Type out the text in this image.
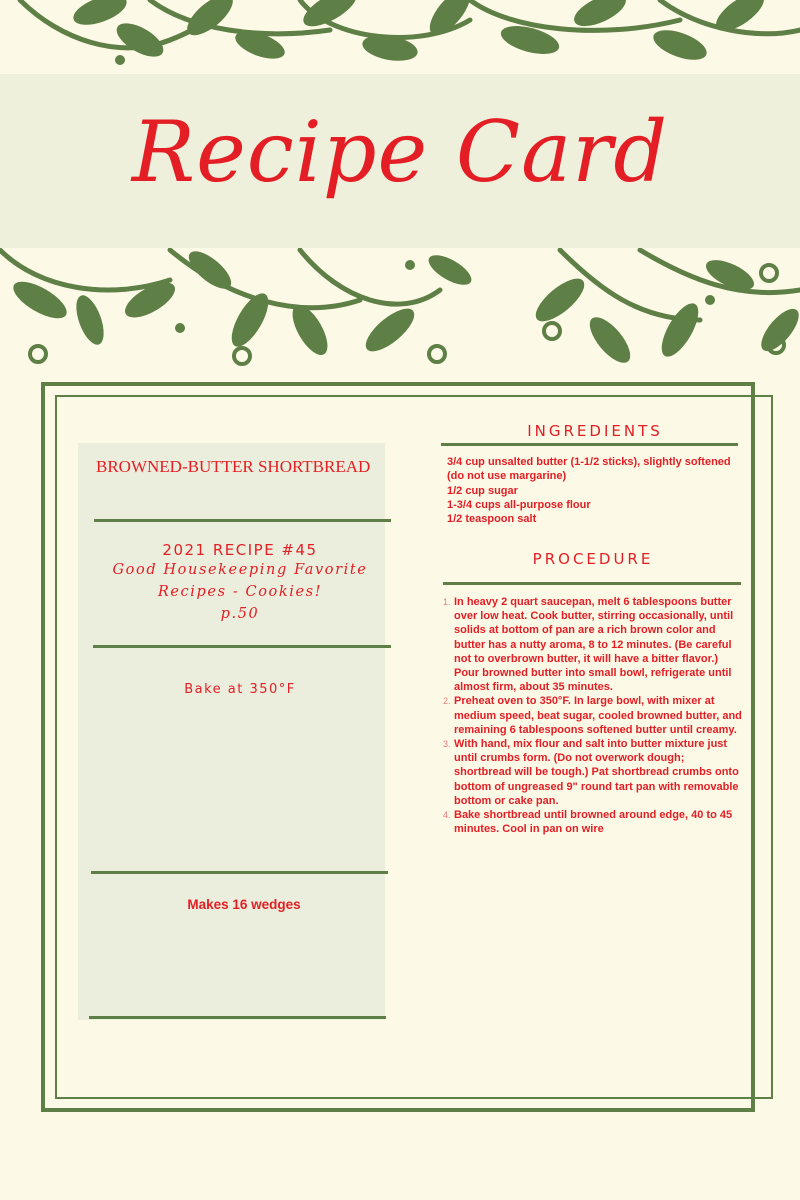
Recipe Card
BROWNED-BUTTER SHORTBREAD
2021 RECIPE #45
Good Housekeeping Favorite
Recipes - Cookies!
p.50
Bake at 350°F
Makes 16 wedges
INGREDIENTS
3/4 cup unsalted butter (1-1/2 sticks), slightly softened (do not use margarine)
1/2 cup sugar
1-3/4 cups all-purpose flour
1/2 teaspoon salt
PROCEDURE
1. In heavy 2 quart saucepan, melt 6 tablespoons butter over low heat. Cook butter, stirring occasionally, until solids at bottom of pan are a rich brown color and butter has a nutty aroma, 8 to 12 minutes. (Be careful not to overbrown butter, it will have a bitter flavor.) Pour browned butter into small bowl, refrigerate until almost firm, about 35 minutes.
2. Preheat oven to 350°F. In large bowl, with mixer at medium speed, beat sugar, cooled browned butter, and remaining 6 tablespoons softened butter until creamy.
3. With hand, mix flour and salt into butter mixture just until crumbs form. (Do not overwork dough; shortbread will be tough.) Pat shortbread crumbs onto bottom of ungreased 9" round tart pan with removable bottom or cake pan.
4. Bake shortbread until browned around edge, 40 to 45 minutes. Cool in pan on wire
